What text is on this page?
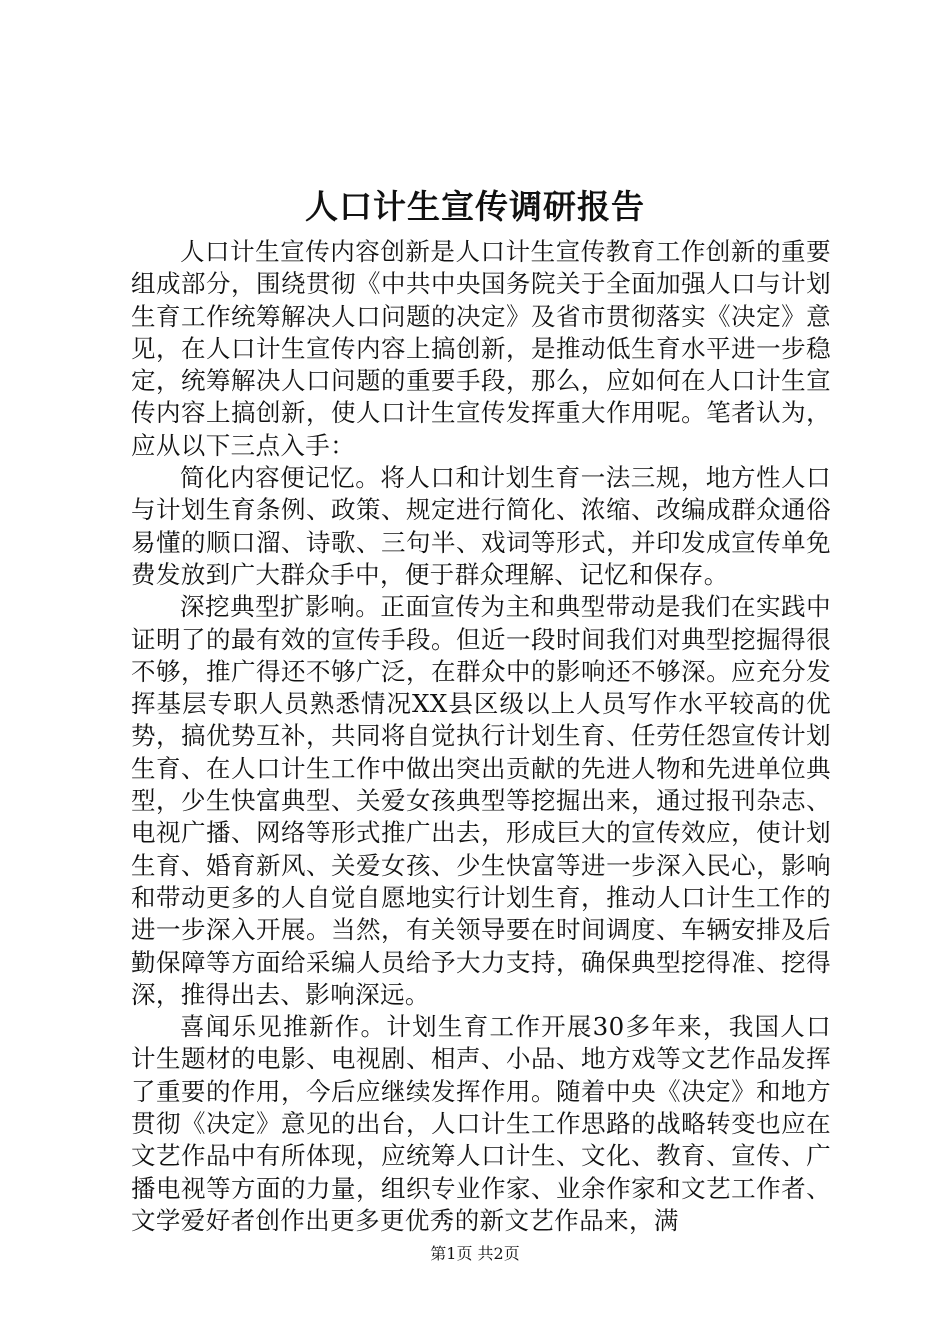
人口计生宣传调研报告

人口计生宣传内容创新是人口计生宣传教育工作创新的重要组成部分，围绕贯彻《中共中央国务院关于全面加强人口与计划生育工作统筹解决人口问题的决定》及省市贯彻落实《决定》意见，在人口计生宣传内容上搞创新，是推动低生育水平进一步稳定，统筹解决人口问题的重要手段，那么，应如何在人口计生宣传内容上搞创新，使人口计生宣传发挥重大作用呢。笔者认为，应从以下三点入手：

简化内容便记忆。将人口和计划生育一法三规，地方性人口与计划生育条例、政策、规定进行简化、浓缩、改编成群众通俗易懂的顺口溜、诗歌、三句半、戏词等形式，并印发成宣传单免费发放到广大群众手中，便于群众理解、记忆和保存。

深挖典型扩影响。正面宣传为主和典型带动是我们在实践中证明了的最有效的宣传手段。但近一段时间我们对典型挖掘得很不够，推广得还不够广泛，在群众中的影响还不够深。应充分发挥基层专职人员熟悉情况XX县区级以上人员写作水平较高的优势，搞优势互补，共同将自觉执行计划生育、任劳任怨宣传计划生育、在人口计生工作中做出突出贡献的先进人物和先进单位典型，少生快富典型、关爱女孩典型等挖掘出来，通过报刊杂志、电视广播、网络等形式推广出去，形成巨大的宣传效应，使计划生育、婚育新风、关爱女孩、少生快富等进一步深入民心，影响和带动更多的人自觉自愿地实行计划生育，推动人口计生工作的进一步深入开展。当然，有关领导要在时间调度、车辆安排及后勤保障等方面给采编人员给予大力支持，确保典型挖得准、挖得深，推得出去、影响深远。

喜闻乐见推新作。计划生育工作开展30多年来，我国人口计生题材的电影、电视剧、相声、小品、地方戏等文艺作品发挥了重要的作用，今后应继续发挥作用。随着中央《决定》和地方贯彻《决定》意见的出台，人口计生工作思路的战略转变也应在文艺作品中有所体现，应统筹人口计生、文化、教育、宣传、广播电视等方面的力量，组织专业作家、业余作家和文艺工作者、文学爱好者创作出更多更优秀的新文艺作品来，满

第1页 共2页
